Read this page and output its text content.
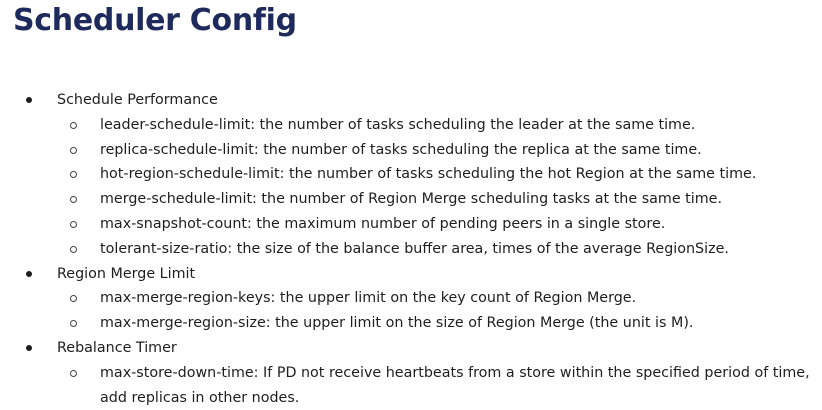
Scheduler Config
Schedule Performance
leader-schedule-limit: the number of tasks scheduling the leader at the same time.
replica-schedule-limit: the number of tasks scheduling the replica at the same time.
hot-region-schedule-limit: the number of tasks scheduling the hot Region at the same time.
merge-schedule-limit: the number of Region Merge scheduling tasks at the same time.
max-snapshot-count: the maximum number of pending peers in a single store.
tolerant-size-ratio: the size of the balance buffer area, times of the average RegionSize.
Region Merge Limit
max-merge-region-keys: the upper limit on the key count of Region Merge.
max-merge-region-size: the upper limit on the size of Region Merge (the unit is M).
Rebalance Timer
max-store-down-time: If PD not receive heartbeats from a store within the specified period of time, add replicas in other nodes.
